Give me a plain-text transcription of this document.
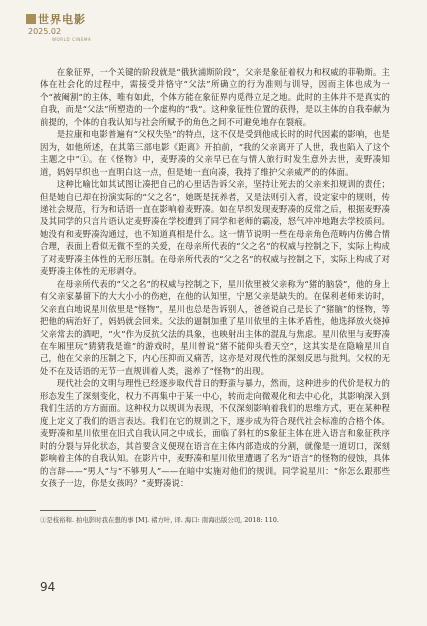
世界电影
2025.02
WORLD CINEMA

在象征界，一个关键的阶段就是“俄狄浦斯阶段”，父亲是象征着权力和权威的菲勒斯。主体在社会化的过程中，需接受并恪守“父法”所确立的行为准则与训导，因而主体也成为一个“被阉割”的主体，唯有如此，个体方能在象征界内觅得立足之地。此时的主体并不是真实的自我，而是“父法”所塑造的一个虚构的“我”。这种象征性位置的获得，是以主体的自我奉献为前提的，个体的自我认知与社会所赋予的角色之间不可避免地存在裂痕。

是拉康和电影普遍有“父权失坠”的特点，这不仅是受到他成长时的时代因素的影响，也是因为，如他所述，在其第三部电影《距离》开拍前，“我的父亲离开了人世，我也陷入了这个主题之中”①。在《怪物》中，麦野凑的父亲早已在与情人旅行时发生意外去世，麦野凑知道，妈妈早织也一直明白这一点，但是她一直向凑，我持了维护父亲威严的的体面。

这种比喻比如其试图让凑把自己的心里话告诉父亲，坚持让死去的父亲来扣规训的责任；但是她自已却在扮演实际的“父之名”，她既是抚养者，又是法则引入者，设定家中的规则，传递社会规范，行为和话语一直在影响着麦野凑。如在早织发现麦野凑的反常之后，根据麦野凑及其同学的只言片语认定麦野凑在学校遭到了同学和老师的霸凌，怒气冲冲地跑去学校质问。她没有和麦野凑沟通过，也不知道真相是什么。这一情节说明一些在母亲角色范畴内仿佛合情合理，表面上看似无微不至的关爱，在母亲所代表的“父之名”的权威与控制之下，实际上构成了对麦野凑主体性的无形压制。在母亲所代表的“父之名”的权威与控制之下，实际上构成了对麦野凑主体性的无形剥夺。

在母亲所代表的“父之名”的权威与控制之下，星川依里被父亲称为“猪的脑袋”，他的身上有父亲家暴留下的大大小小的伤疤，在他的认知里，宁愿父亲是缺失的。在保利老师来访时，父亲直白地说星川依里是“怪物”，星川也总是告诉别人，爸爸说自己是长了“猪脑”的怪物，等把他的病治好了，妈妈就会回来。父法的逼制加重了星川依里的主体矛盾性，他选择放火烧掉父亲常去的酒吧，“火”作为反抗父法的具象，也映射出主体的混乱与焦虑。星川依里与麦野凑在车厢里玩“猜猜我是谁”的游戏时，星川曾说“猪不能仰头看天空”，这其实是在隐喻星川自己，他在父亲的压制之下，内心压抑而又痛苦，这亦是对现代性的深刻反思与批判。父权的无处不在及话语的无节一直规训着人类，滋养了“怪物”的出现。

现代社会的文明与理性已经逐步取代昔日的野蛮与暴力，然而，这种进步的代价是权力的形态发生了深刻变化，权力不再集中于某一中心，转而走向微观化和去中心化，其影响深入到我们生活的方方面面。这种权力以规训为表现，不仅深刻影响着我们的思维方式，更在某种程度上定义了我们的语言表达。我们在它的规训之下，逐步成为符合现代社会标准的合格个体。麦野凑和星川依里在旧式自我认同之中成长，面临了斜杠的S象征主体在进入语言和象征秩序时的分裂与异化状态，其首要含义便现在语言在主体内部造成的分割，就像是一道切口，深刻影响着主体的自我认知。在影片中，麦野凑和星川依里遭遇了名为“语言”的怪物的侵蚀，具体的言辞——“男人”与“不够男人”——在暗中实施对他们的规训。同学说星川：“你怎么跟那些女孩子一边，你是女孩吗？”麦野凑说：

①是枝裕和. 拍电影时我在想的事 [M]. 褚方叶, 译. 海口: 南海出版公司, 2018: 110.
94
